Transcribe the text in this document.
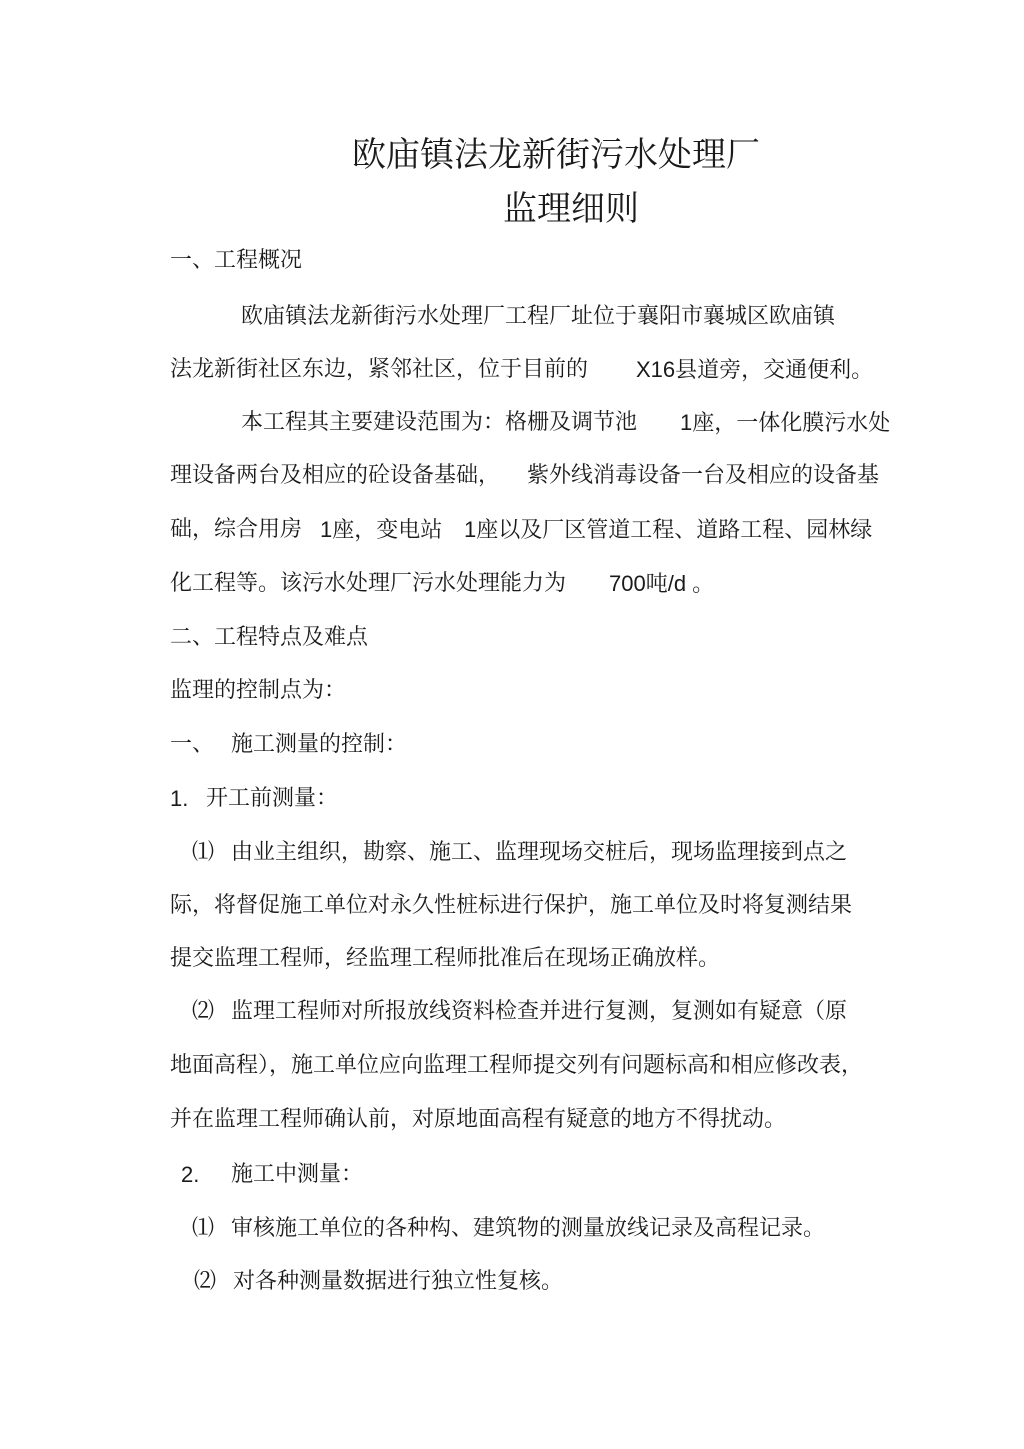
欧庙镇法龙新街污水处理厂
监理细则
一、工程概况
欧庙镇法龙新街污水处理厂工程厂址位于襄阳市襄城区欧庙镇
法龙新街社区东边，紧邻社区，位于目前的 X16县道旁，交通便利。
本工程其主要建设范围为：格栅及调节池 1座，一体化膜污水处
理设备两台及相应的砼设备基础， 紫外线消毒设备一台及相应的设备基
础，综合用房 1座，变电站 1座以及厂区管道工程、道路工程、园林绿
化工程等。该污水处理厂污水处理能力为 700吨/d 。
二、工程特点及难点
监理的控制点为：
一、 施工测量的控制：
1. 开工前测量：
⑴ 由业主组织，勘察、施工、监理现场交桩后，现场监理接到点之
际，将督促施工单位对永久性桩标进行保护，施工单位及时将复测结果
提交监理工程师，经监理工程师批准后在现场正确放样。
⑵ 监理工程师对所报放线资料检查并进行复测，复测如有疑意（原
地面高程），施工单位应向监理工程师提交列有问题标高和相应修改表，
并在监理工程师确认前，对原地面高程有疑意的地方不得扰动。
2. 施工中测量：
⑴ 审核施工单位的各种构、建筑物的测量放线记录及高程记录。
⑵ 对各种测量数据进行独立性复核。
